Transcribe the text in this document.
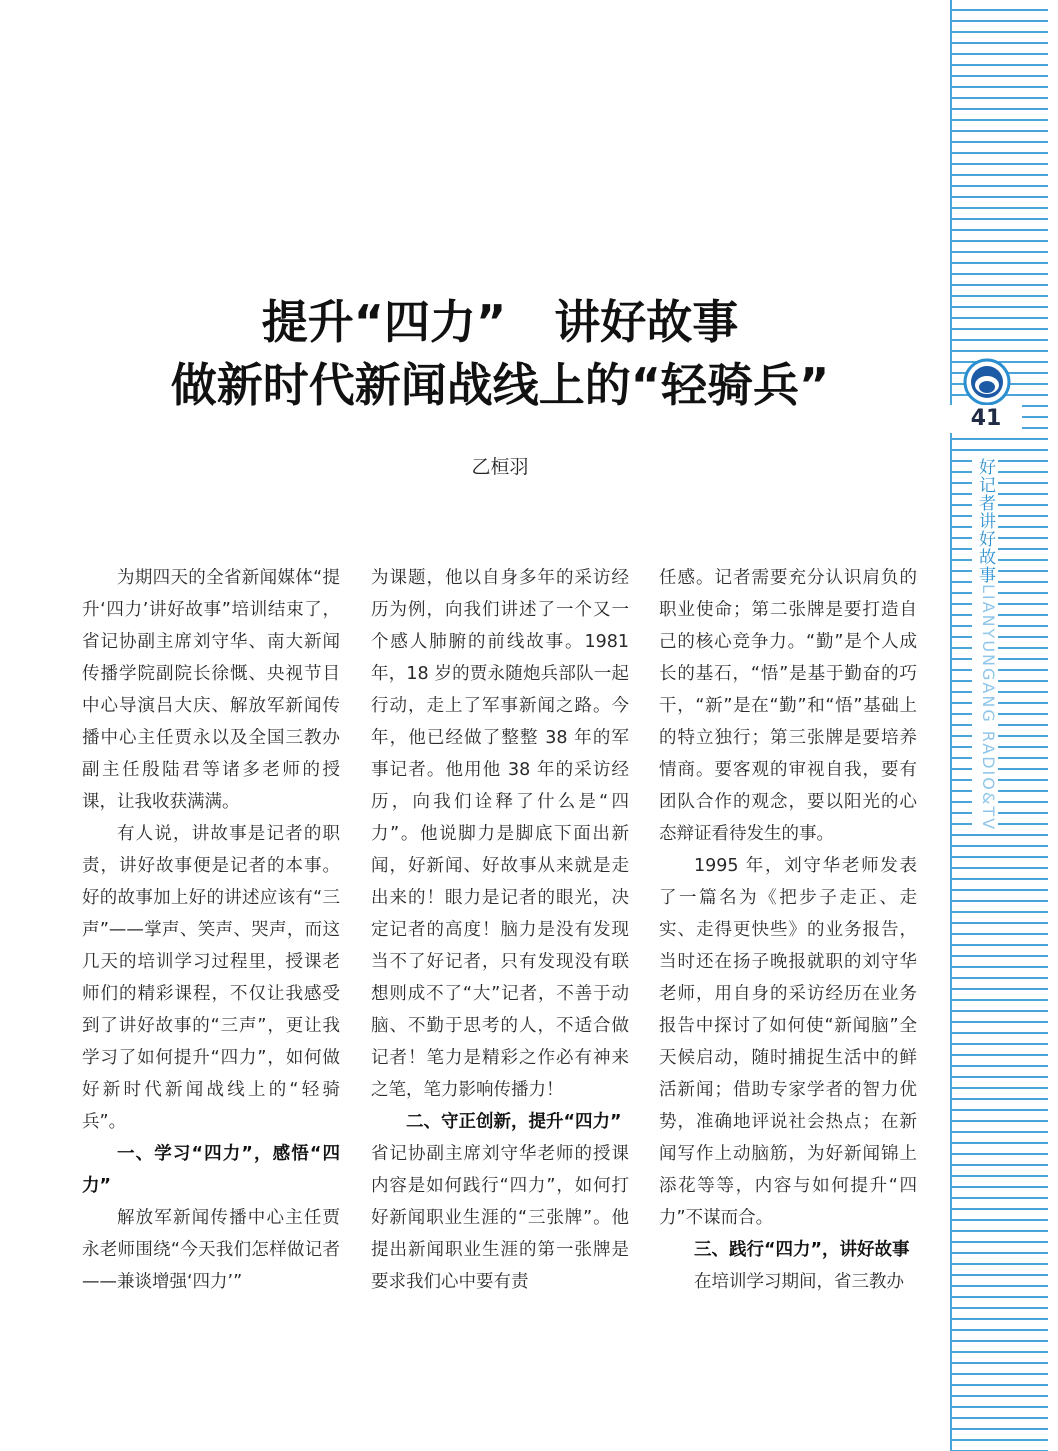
41
好记者讲好故事
LIANYUNGANG RADIO&TV
提升“四力”   讲好故事
做新时代新闻战线上的“轻骑兵”
乙桓羽

为期四天的全省新闻媒体“提升‘四力’讲好故事”培训结束了，省记协副主席刘守华、南大新闻传播学院副院长徐慨、央视节目中心导演吕大庆、解放军新闻传播中心主任贾永以及全国三教办副主任殷陆君等诸多老师的授课，让我收获满满。

有人说，讲故事是记者的职责，讲好故事便是记者的本事。好的故事加上好的讲述应该有“三声”——掌声、笑声、哭声，而这几天的培训学习过程里，授课老师们的精彩课程，不仅让我感受到了讲好故事的“三声”，更让我学习了如何提升“四力”，如何做好新时代新闻战线上的“轻骑兵”。

一、学习“四力”，感悟“四力”

解放军新闻传播中心主任贾永老师围绕“今天我们怎样做记者——兼谈增强‘四力’”

为课题，他以自身多年的采访经历为例，向我们讲述了一个又一个感人肺腑的前线故事。1981 年，18 岁的贾永随炮兵部队一起行动，走上了军事新闻之路。今年，他已经做了整整 38 年的军事记者。他用他 38 年的采访经历，向我们诠释了什么是“四力”。他说脚力是脚底下面出新闻，好新闻、好故事从来就是走出来的！眼力是记者的眼光，决定记者的高度！脑力是没有发现当不了好记者，只有发现没有联想则成不了“大”记者，不善于动脑、不勤于思考的人，不适合做记者！笔力是精彩之作必有神来之笔，笔力影响传播力！

二、守正创新，提升“四力”

省记协副主席刘守华老师的授课内容是如何践行“四力”，如何打好新闻职业生涯的“三张牌”。他提出新闻职业生涯的第一张牌是要求我们心中要有责

任感。记者需要充分认识肩负的职业使命；第二张牌是要打造自己的核心竞争力。“勤”是个人成长的基石，“悟”是基于勤奋的巧干，“新”是在“勤”和“悟”基础上的特立独行；第三张牌是要培养情商。要客观的审视自我，要有团队合作的观念，要以阳光的心态辩证看待发生的事。

1995 年，刘守华老师发表了一篇名为《把步子走正、走实、走得更快些》的业务报告，当时还在扬子晚报就职的刘守华老师，用自身的采访经历在业务报告中探讨了如何使“新闻脑”全天候启动，随时捕捉生活中的鲜活新闻；借助专家学者的智力优势，准确地评说社会热点；在新闻写作上动脑筋，为好新闻锦上添花等等，内容与如何提升“四力”不谋而合。

三、践行“四力”，讲好故事

在培训学习期间，省三教办
